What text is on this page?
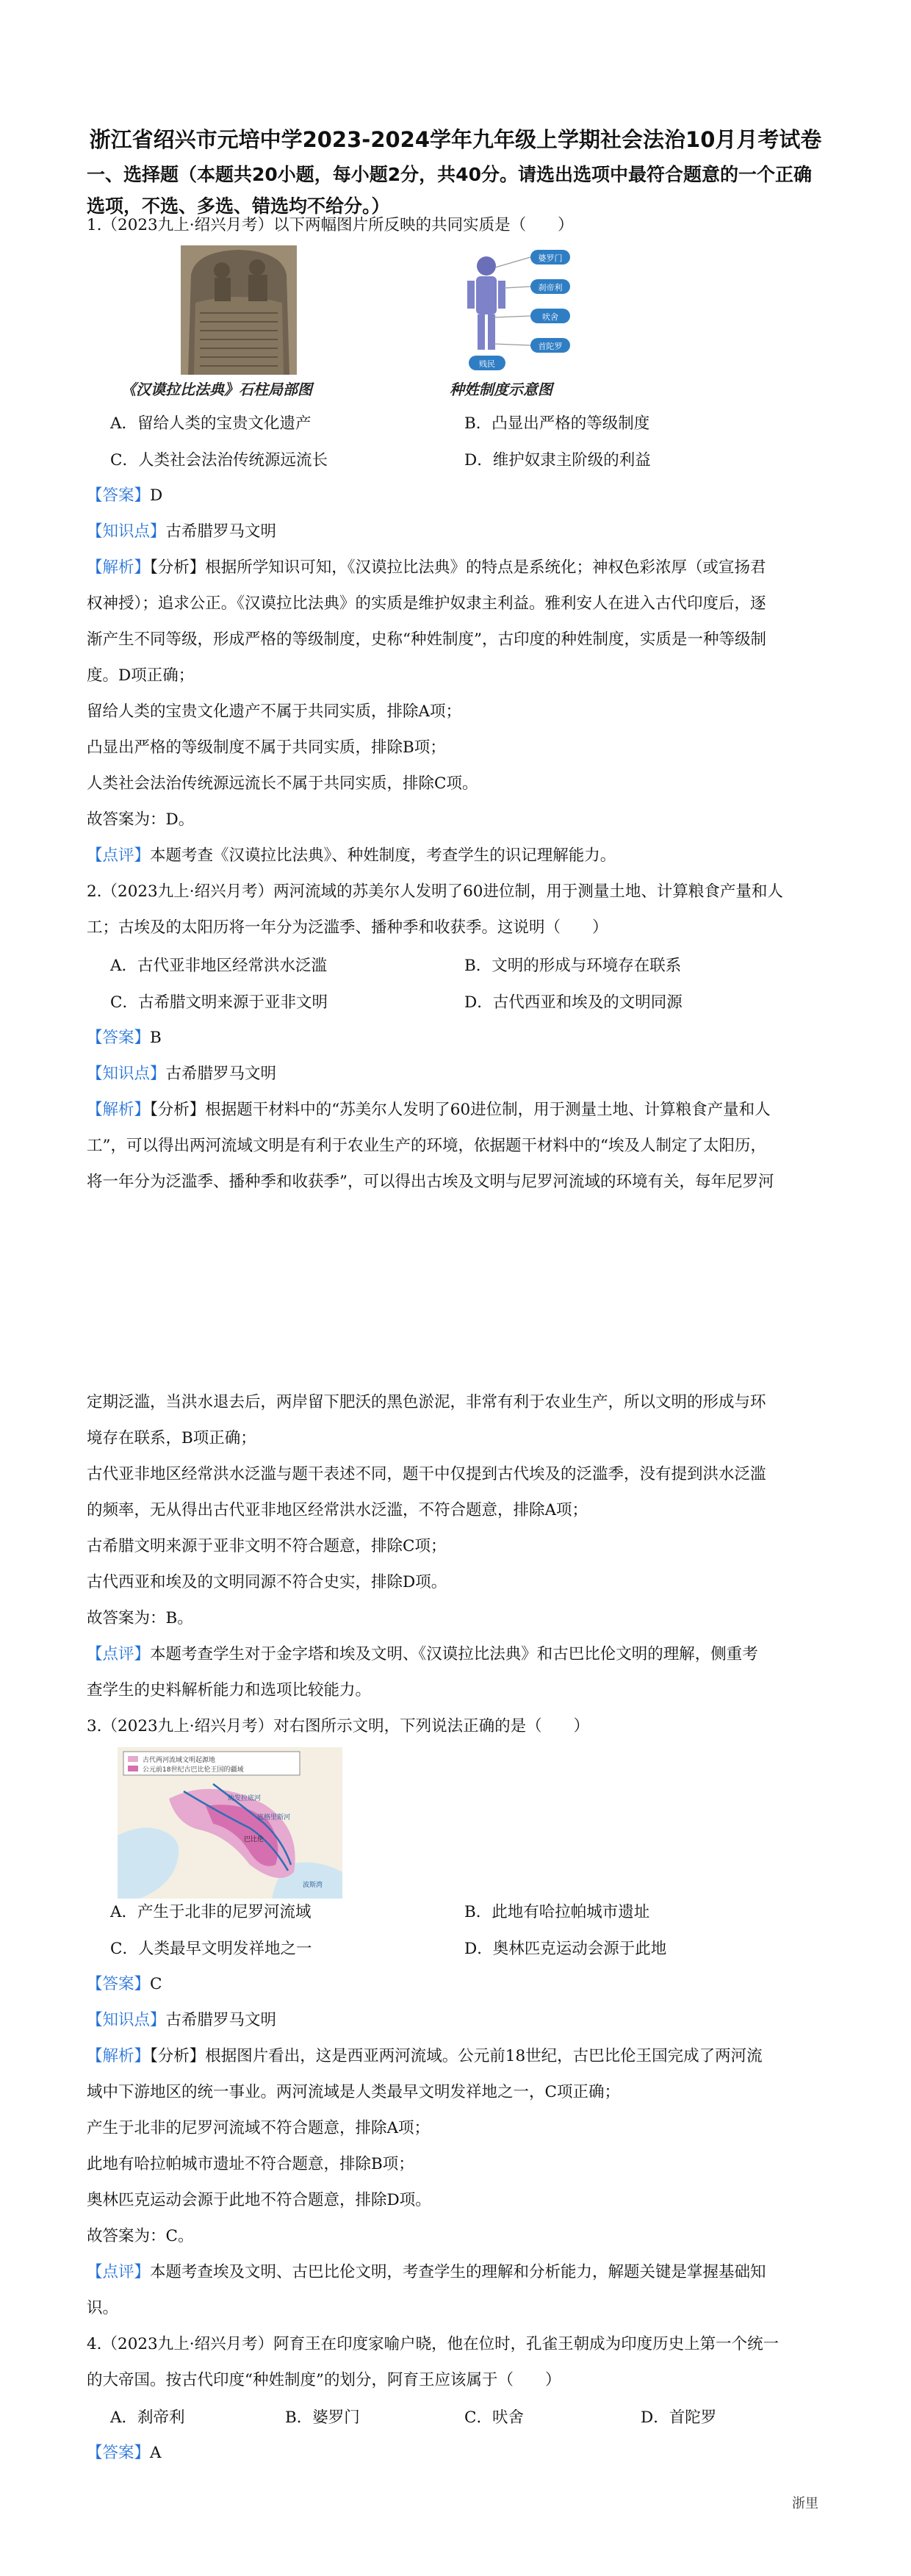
浙江省绍兴市元培中学2023-2024学年九年级上学期社会法治10月月考试卷
一、选择题（本题共20小题，每小题2分，共40分。请选出选项中最符合题意的一个正确
选项，不选、多选、错选均不给分。）
1.（2023九上·绍兴月考）以下两幅图片所反映的共同实质是（　　）
婆罗门
刹帝利
吠舍
首陀罗
贱民
《汉谟拉比法典》石柱局部图	种姓制度示意图
A．留给人类的宝贵文化遗产	B．凸显出严格的等级制度
C．人类社会法治传统源远流长	D．维护奴隶主阶级的利益
【答案】D
【知识点】古希腊罗马文明
【解析】【分析】根据所学知识可知，《汉谟拉比法典》的特点是系统化；神权色彩浓厚（或宣扬君
权神授）；追求公正。《汉谟拉比法典》的实质是维护奴隶主利益。雅利安人在进入古代印度后，逐
渐产生不同等级，形成严格的等级制度，史称“种姓制度”，古印度的种姓制度，实质是一种等级制
度。D项正确；
留给人类的宝贵文化遗产不属于共同实质，排除A项；
凸显出严格的等级制度不属于共同实质，排除B项；
人类社会法治传统源远流长不属于共同实质，排除C项。
故答案为：D。
【点评】本题考查《汉谟拉比法典》、种姓制度，考查学生的识记理解能力。
2.（2023九上·绍兴月考）两河流域的苏美尔人发明了60进位制，用于测量土地、计算粮食产量和人
工；古埃及的太阳历将一年分为泛滥季、播种季和收获季。这说明（　　）
A．古代亚非地区经常洪水泛滥	B．文明的形成与环境存在联系
C．古希腊文明来源于亚非文明	D．古代西亚和埃及的文明同源
【答案】B
【知识点】古希腊罗马文明
【解析】【分析】根据题干材料中的“苏美尔人发明了60进位制，用于测量土地、计算粮食产量和人
工”，可以得出两河流域文明是有利于农业生产的环境，依据题干材料中的“埃及人制定了太阳历，
将一年分为泛滥季、播种季和收获季”，可以得出古埃及文明与尼罗河流域的环境有关，每年尼罗河
定期泛滥，当洪水退去后，两岸留下肥沃的黑色淤泥，非常有利于农业生产，所以文明的形成与环
境存在联系，B项正确；
古代亚非地区经常洪水泛滥与题干表述不同，题干中仅提到古代埃及的泛滥季，没有提到洪水泛滥
的频率，无从得出古代亚非地区经常洪水泛滥，不符合题意，排除A项；
古希腊文明来源于亚非文明不符合题意，排除C项；
古代西亚和埃及的文明同源不符合史实，排除D项。
故答案为：B。
【点评】本题考查学生对于金字塔和埃及文明、《汉谟拉比法典》和古巴比伦文明的理解，侧重考
查学生的史料解析能力和选项比较能力。
3.（2023九上·绍兴月考）对右图所示文明，下列说法正确的是（　　）
古代两河流域文明起源地
公元前18世纪古巴比伦王国的疆域
幼发拉底河
底格里斯河
巴比伦
波斯湾
A．产生于北非的尼罗河流域	B．此地有哈拉帕城市遗址
C．人类最早文明发祥地之一	D．奥林匹克运动会源于此地
【答案】C
【知识点】古希腊罗马文明
【解析】【分析】根据图片看出，这是西亚两河流域。公元前18世纪，古巴比伦王国完成了两河流
域中下游地区的统一事业。两河流域是人类最早文明发祥地之一，C项正确；
产生于北非的尼罗河流域不符合题意，排除A项；
此地有哈拉帕城市遗址不符合题意，排除B项；
奥林匹克运动会源于此地不符合题意，排除D项。
故答案为：C。
【点评】本题考查埃及文明、古巴比伦文明，考查学生的理解和分析能力，解题关键是掌握基础知
识。
4.（2023九上·绍兴月考）阿育王在印度家喻户晓，他在位时，孔雀王朝成为印度历史上第一个统一
的大帝国。按古代印度“种姓制度”的划分，阿育王应该属于（　　）
A．刹帝利	B．婆罗门	C．吠舍	D．首陀罗
【答案】A
浙里
